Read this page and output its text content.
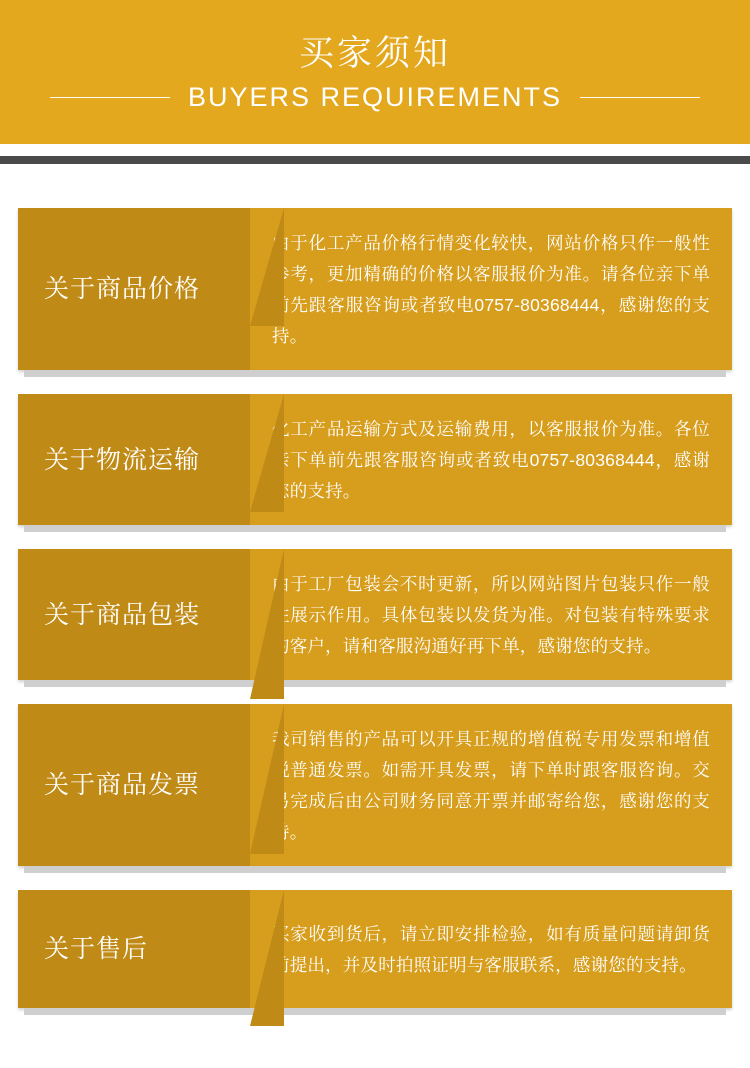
买家须知
BUYERS REQUIREMENTS
关于商品价格
由于化工产品价格行情变化较快，网站价格只作一般性参考，更加精确的价格以客服报价为准。请各位亲下单前先跟客服咨询或者致电0757-80368444，感谢您的支持。
关于物流运输
化工产品运输方式及运输费用，以客服报价为准。各位亲下单前先跟客服咨询或者致电0757-80368444，感谢您的支持。
关于商品包装
由于工厂包装会不时更新，所以网站图片包装只作一般性展示作用。具体包装以发货为准。对包装有特殊要求的客户，请和客服沟通好再下单，感谢您的支持。
关于商品发票
我司销售的产品可以开具正规的增值税专用发票和增值税普通发票。如需开具发票，请下单时跟客服咨询。交易完成后由公司财务同意开票并邮寄给您，感谢您的支持。
关于售后
买家收到货后，请立即安排检验，如有质量问题请卸货前提出，并及时拍照证明与客服联系，感谢您的支持。
